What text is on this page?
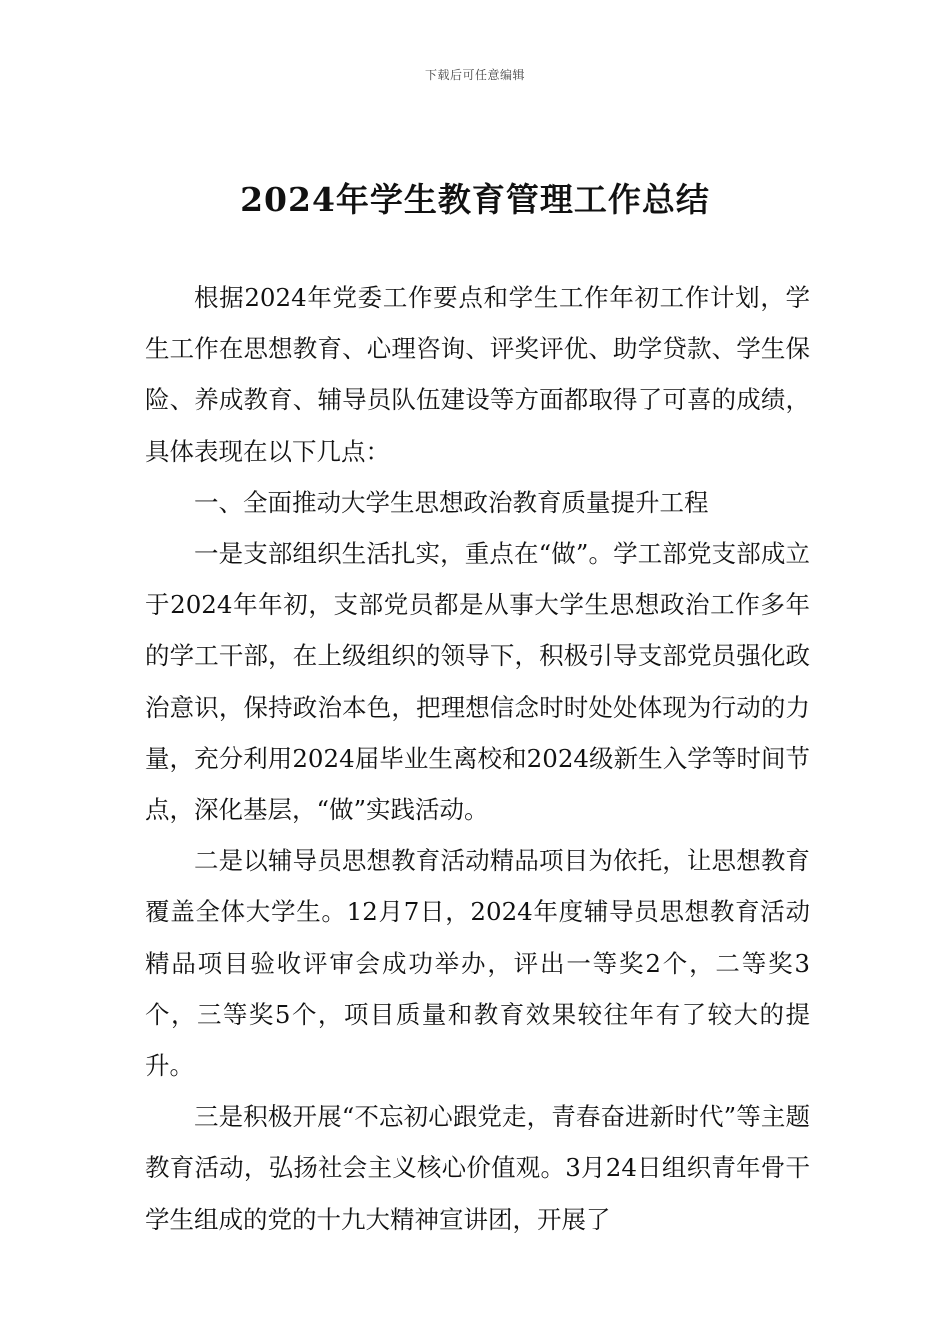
下载后可任意编辑
2024年学生教育管理工作总结

根据2024年党委工作要点和学生工作年初工作计划，学生工作在思想教育、心理咨询、评奖评优、助学贷款、学生保险、养成教育、辅导员队伍建设等方面都取得了可喜的成绩，具体表现在以下几点：

一、全面推动大学生思想政治教育质量提升工程

一是支部组织生活扎实，重点在“做”。学工部党支部成立于2024年年初，支部党员都是从事大学生思想政治工作多年的学工干部，在上级组织的领导下，积极引导支部党员强化政治意识，保持政治本色，把理想信念时时处处体现为行动的力量，充分利用2024届毕业生离校和2024级新生入学等时间节点，深化基层，“做”实践活动。

二是以辅导员思想教育活动精品项目为依托，让思想教育覆盖全体大学生。12月7日，2024年度辅导员思想教育活动精品项目验收评审会成功举办，评出一等奖2个，二等奖3个，三等奖5个，项目质量和教育效果较往年有了较大的提升。

三是积极开展“不忘初心跟党走，青春奋进新时代”等主题教育活动，弘扬社会主义核心价值观。3月24日组织青年骨干学生组成的党的十九大精神宣讲团，开展了
